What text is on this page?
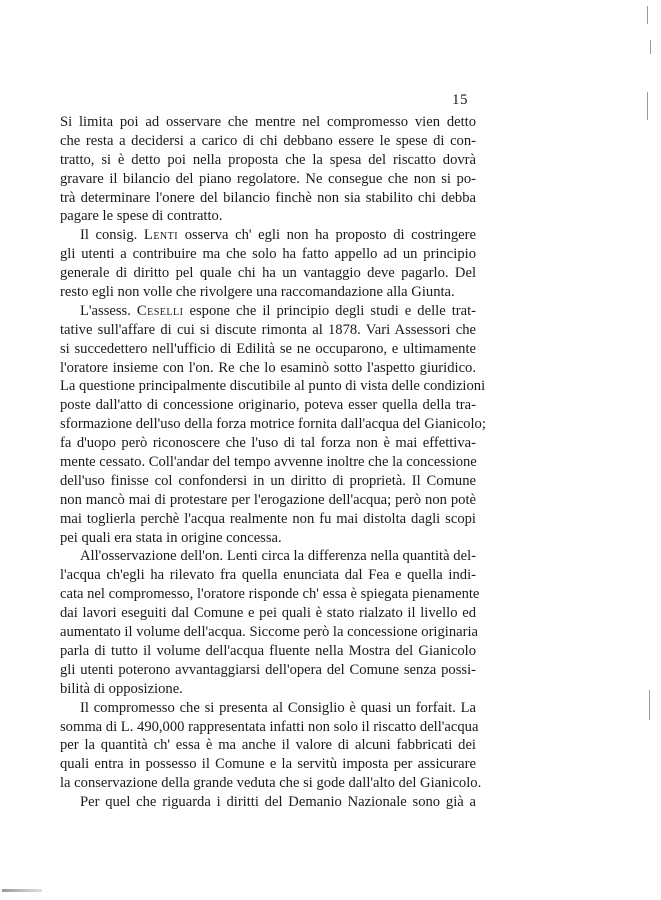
15
Si limita poi ad osservare che mentre nel compromesso vien detto
che resta a decidersi a carico di chi debbano essere le spese di con-
tratto, si è detto poi nella proposta che la spesa del riscatto dovrà
gravare il bilancio del piano regolatore. Ne consegue che non si po-
trà determinare l'onere del bilancio finchè non sia stabilito chi debba
pagare le spese di contratto.
Il consig. Lenti osserva ch' egli non ha proposto di costringere
gli utenti a contribuire ma che solo ha fatto appello ad un principio
generale di diritto pel quale chi ha un vantaggio deve pagarlo. Del
resto egli non volle che rivolgere una raccomandazione alla Giunta.
L'assess. Ceselli espone che il principio degli studi e delle trat-
tative sull'affare di cui si discute rimonta al 1878. Vari Assessori che
si succedettero nell'ufficio di Edilità se ne occuparono, e ultimamente
l'oratore insieme con l'on. Re che lo esaminò sotto l'aspetto giuridico.
La questione principalmente discutibile al punto di vista delle condizioni
poste dall'atto di concessione originario, poteva esser quella della tra-
sformazione dell'uso della forza motrice fornita dall'acqua del Gianicolo;
fa d'uopo però riconoscere che l'uso di tal forza non è mai effettiva-
mente cessato. Coll'andar del tempo avvenne inoltre che la concessione
dell'uso finisse col confondersi in un diritto di proprietà. Il Comune
non mancò mai di protestare per l'erogazione dell'acqua; però non potè
mai toglierla perchè l'acqua realmente non fu mai distolta dagli scopi
pei quali era stata in origine concessa.
All'osservazione dell'on. Lenti circa la differenza nella quantità del-
l'acqua ch'egli ha rilevato fra quella enunciata dal Fea e quella indi-
cata nel compromesso, l'oratore risponde ch' essa è spiegata pienamente
dai lavori eseguiti dal Comune e pei quali è stato rialzato il livello ed
aumentato il volume dell'acqua. Siccome però la concessione originaria
parla di tutto il volume dell'acqua fluente nella Mostra del Gianicolo
gli utenti poterono avvantaggiarsi dell'opera del Comune senza possi-
bilità di opposizione.
Il compromesso che si presenta al Consiglio è quasi un forfait. La
somma di L. 490,000 rappresentata infatti non solo il riscatto dell'acqua
per la quantità ch' essa è ma anche il valore di alcuni fabbricati dei
quali entra in possesso il Comune e la servitù imposta per assicurare
la conservazione della grande veduta che si gode dall'alto del Gianicolo.
Per quel che riguarda i diritti del Demanio Nazionale sono già a
